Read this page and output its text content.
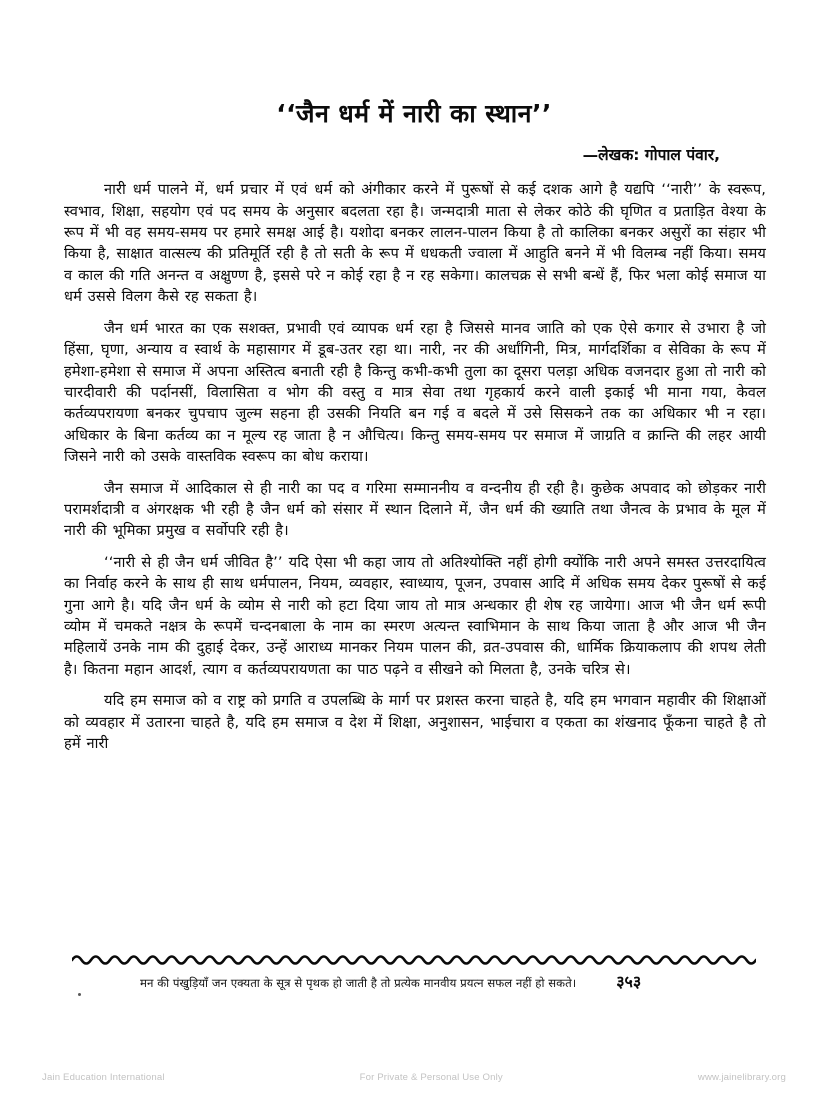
‘‘जैन धर्म में नारी का स्थान’’
—लेखक: गोपाल पंवार,

नारी धर्म पालने में, धर्म प्रचार में एवं धर्म को अंगीकार करने में पुरूषों से कई दशक आगे है यद्यपि ‘‘नारी’’ के स्वरूप, स्वभाव, शिक्षा, सहयोग एवं पद समय के अनुसार बदलता रहा है। जन्मदात्री माता से लेकर कोठे की घृणित व प्रताड़ित वेश्या के रूप में भी वह समय-समय पर हमारे समक्ष आई है। यशोदा बनकर लालन-पालन किया है तो कालिका बनकर असुरों का संहार भी किया है, साक्षात वात्सल्य की प्रतिमूर्ति रही है तो सती के रूप में धधकती ज्वाला में आहुति बनने में भी विलम्ब नहीं किया। समय व काल की गति अनन्त व अक्षुण्ण है, इससे परे न कोई रहा है न रह सकेगा। कालचक्र से सभी बन्धें हैं, फिर भला कोई समाज या धर्म उससे विलग कैसे रह सकता है।

जैन धर्म भारत का एक सशक्त, प्रभावी एवं व्यापक धर्म रहा है जिससे मानव जाति को एक ऐसे कगार से उभारा है जो हिंसा, घृणा, अन्याय व स्वार्थ के महासागर में डूब-उतर रहा था। नारी, नर की अर्धांगिनी, मित्र, मार्गदर्शिका व सेविका के रूप में हमेशा-हमेशा से समाज में अपना अस्तित्व बनाती रही है किन्तु कभी-कभी तुला का दूसरा पलड़ा अधिक वजनदार हुआ तो नारी को चारदीवारी की पर्दानसीं, विलासिता व भोग की वस्तु व मात्र सेवा तथा गृहकार्य करने वाली इकाई भी माना गया, केवल कर्तव्यपरायणा बनकर चुपचाप जुल्म सहना ही उसकी नियति बन गई व बदले में उसे सिसकने तक का अधिकार भी न रहा। अधिकार के बिना कर्तव्य का न मूल्य रह जाता है न औचित्य। किन्तु समय-समय पर समाज में जाग्रति व क्रान्ति की लहर आयी जिसने नारी को उसके वास्तविक स्वरूप का बोध कराया।

जैन समाज में आदिकाल से ही नारी का पद व गरिमा सम्माननीय व वन्दनीय ही रही है। कुछेक अपवाद को छोड़कर नारी परामर्शदात्री व अंगरक्षक भी रही है जैन धर्म को संसार में स्थान दिलाने में, जैन धर्म की ख्याति तथा जैनत्व के प्रभाव के मूल में नारी की भूमिका प्रमुख व सर्वोपरि रही है।

‘‘नारी से ही जैन धर्म जीवित है’’ यदि ऐसा भी कहा जाय तो अतिश्योक्ति नहीं होगी क्योंकि नारी अपने समस्त उत्तरदायित्व का निर्वाह करने के साथ ही साथ धर्मपालन, नियम, व्यवहार, स्वाध्याय, पूजन, उपवास आदि में अधिक समय देकर पुरूषों से कई गुना आगे है। यदि जैन धर्म के व्योम से नारी को हटा दिया जाय तो मात्र अन्धकार ही शेष रह जायेगा। आज भी जैन धर्म रूपी व्योम में चमकते नक्षत्र के रूपमें चन्दनबाला के नाम का स्मरण अत्यन्त स्वाभिमान के साथ किया जाता है और आज भी जैन महिलायें उनके नाम की दुहाई देकर, उन्हें आराध्य मानकर नियम पालन की, व्रत-उपवास की, धार्मिक क्रियाकलाप की शपथ लेती है। कितना महान आदर्श, त्याग व कर्तव्यपरायणता का पाठ पढ़ने व सीखने को मिलता है, उनके चरित्र से।

यदि हम समाज को व राष्ट्र को प्रगति व उपलब्धि के मार्ग पर प्रशस्त करना चाहते है, यदि हम भगवान महावीर की शिक्षाओं को व्यवहार में उतारना चाहते है, यदि हम समाज व देश में शिक्षा, अनुशासन, भाईचारा व एकता का शंखनाद फूँकना चाहते है तो हमें नारी

मन की पंखुड़ियाँ जन एक्यता के सूत्र से पृथक हो जाती है तो प्रत्येक मानवीय प्रयत्न सफल नहीं हो सकते।	३५३
Jain Education International	For Private & Personal Use Only	www.jainelibrary.org
